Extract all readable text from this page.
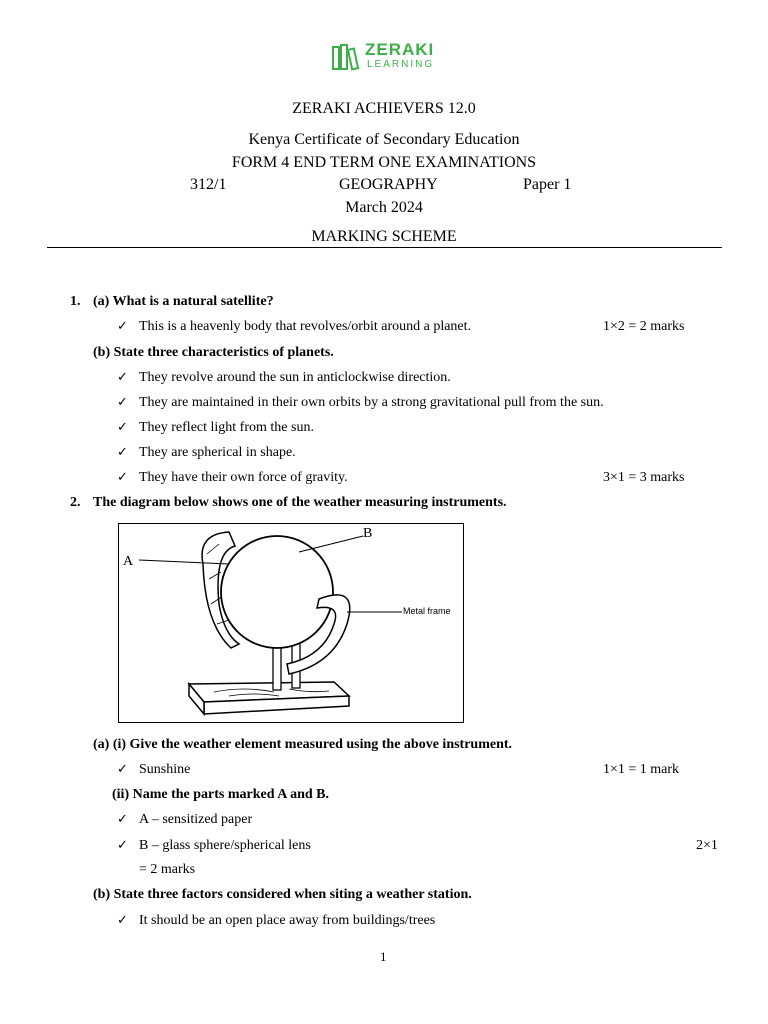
ZERAKI
LEARNING
ZERAKI ACHIEVERS 12.0
Kenya Certificate of Secondary Education
FORM 4 END TERM ONE EXAMINATIONS
312/1	GEOGRAPHY	Paper 1
March 2024
MARKING SCHEME
1. (a) What is a natural satellite?
✓ This is a heavenly body that revolves/orbit around a planet.	1×2 = 2 marks
(b) State three characteristics of planets.
✓ They revolve around the sun in anticlockwise direction.
✓ They are maintained in their own orbits by a strong gravitational pull from the sun.
✓ They reflect light from the sun.
✓ They are spherical in shape.
✓ They have their own force of gravity.	3×1 = 3 marks
2. The diagram below shows one of the weather measuring instruments.
A
B
Metal frame
(a) (i) Give the weather element measured using the above instrument.
✓ Sunshine	1×1 = 1 mark
(ii) Name the parts marked A and B.
✓ A – sensitized paper
✓ B – glass sphere/spherical lens	2×1
= 2 marks
(b) State three factors considered when siting a weather station.
✓ It should be an open place away from buildings/trees
1
